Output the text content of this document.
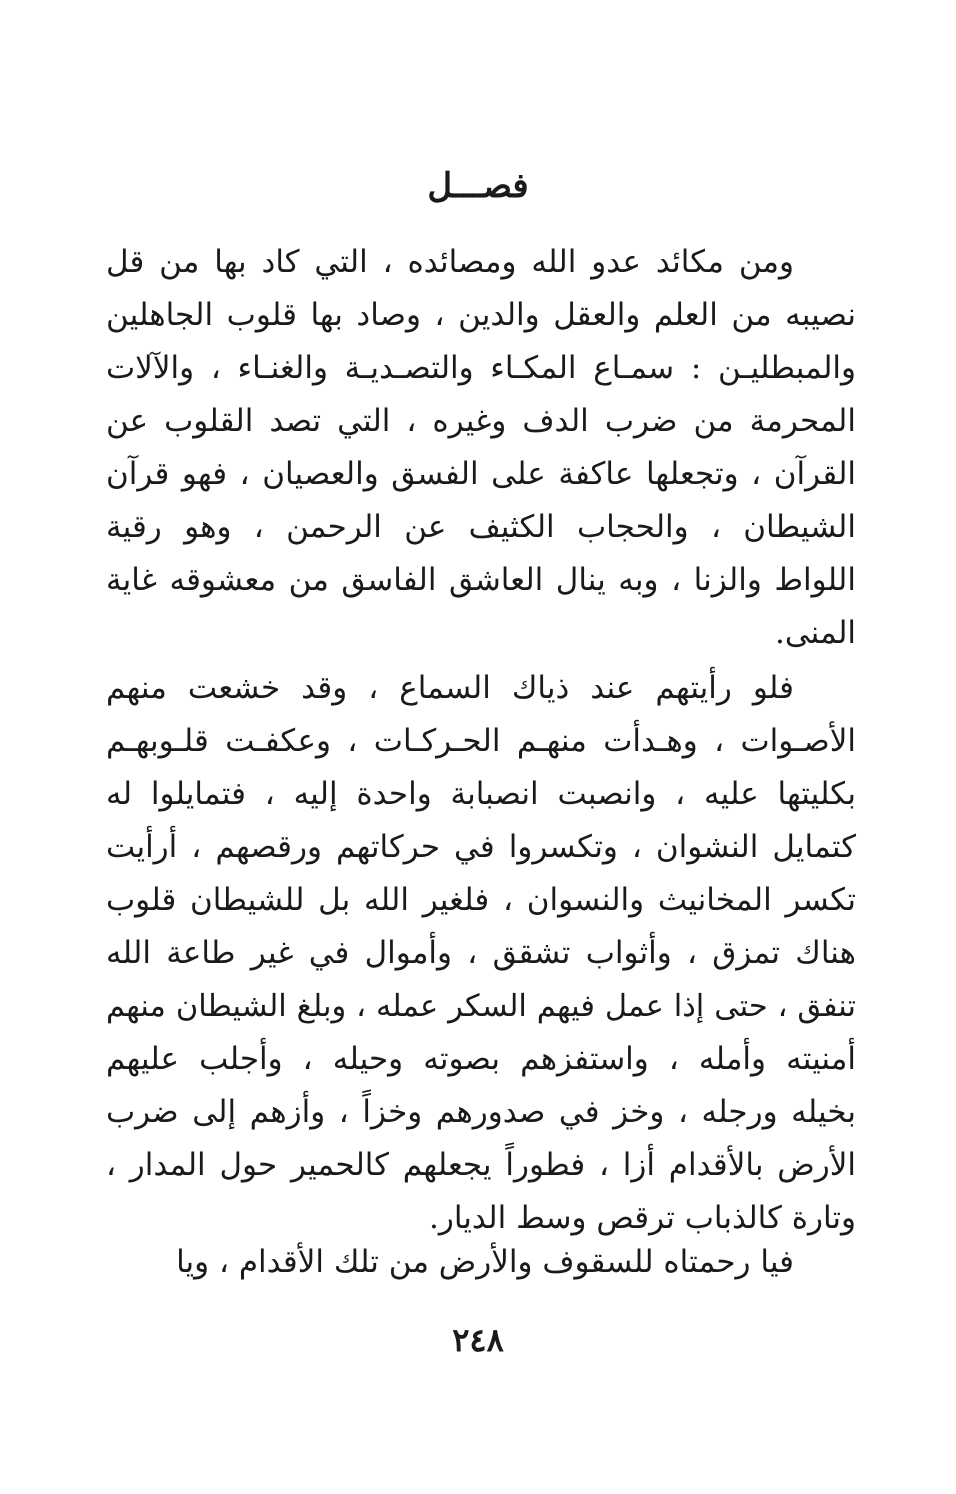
فصـــل
ومن مكائد عدو الله ومصائده ، التي كاد بها من قل
نصيبه من العلم والعقل والدين ، وصاد بها قلوب الجاهلين
والمبطليـن : سمـاع المكـاء والتصـديـة والغنـاء ، والآلات
المحرمة من ضرب الدف وغيره ، التي تصد القلوب عن
القرآن ، وتجعلها عاكفة على الفسق والعصيان ، فهو قرآن
الشيطان ، والحجاب الكثيف عن الرحمن ، وهو رقية
اللواط والزنا ، وبه ينال العاشق الفاسق من معشوقه غاية
المنى.
فلو رأيتهم عند ذياك السماع ، وقد خشعت منهم
الأصـوات ، وهـدأت منهـم الحـركـات ، وعكفـت قلـوبهـم
بكليتها عليه ، وانصبت انصبابة واحدة إليه ، فتمايلوا له
كتمايل النشوان ، وتكسروا في حركاتهم ورقصهم ، أرأيت
تكسر المخانيث والنسوان ، فلغير الله بل للشيطان قلوب
هناك تمزق ، وأثواب تشقق ، وأموال في غير طاعة الله
تنفق ، حتى إذا عمل فيهم السكر عمله ، وبلغ الشيطان منهم
أمنيته وأمله ، واستفزهم بصوته وحيله ، وأجلب عليهم
بخيله ورجله ، وخز في صدورهم وخزاً ، وأزهم إلى ضرب
الأرض بالأقدام أزا ، فطوراً يجعلهم كالحمير حول المدار ،
وتارة كالذباب ترقص وسط الديار.
فيا رحمتاه للسقوف والأرض من تلك الأقدام ، ويا
٢٤٨
